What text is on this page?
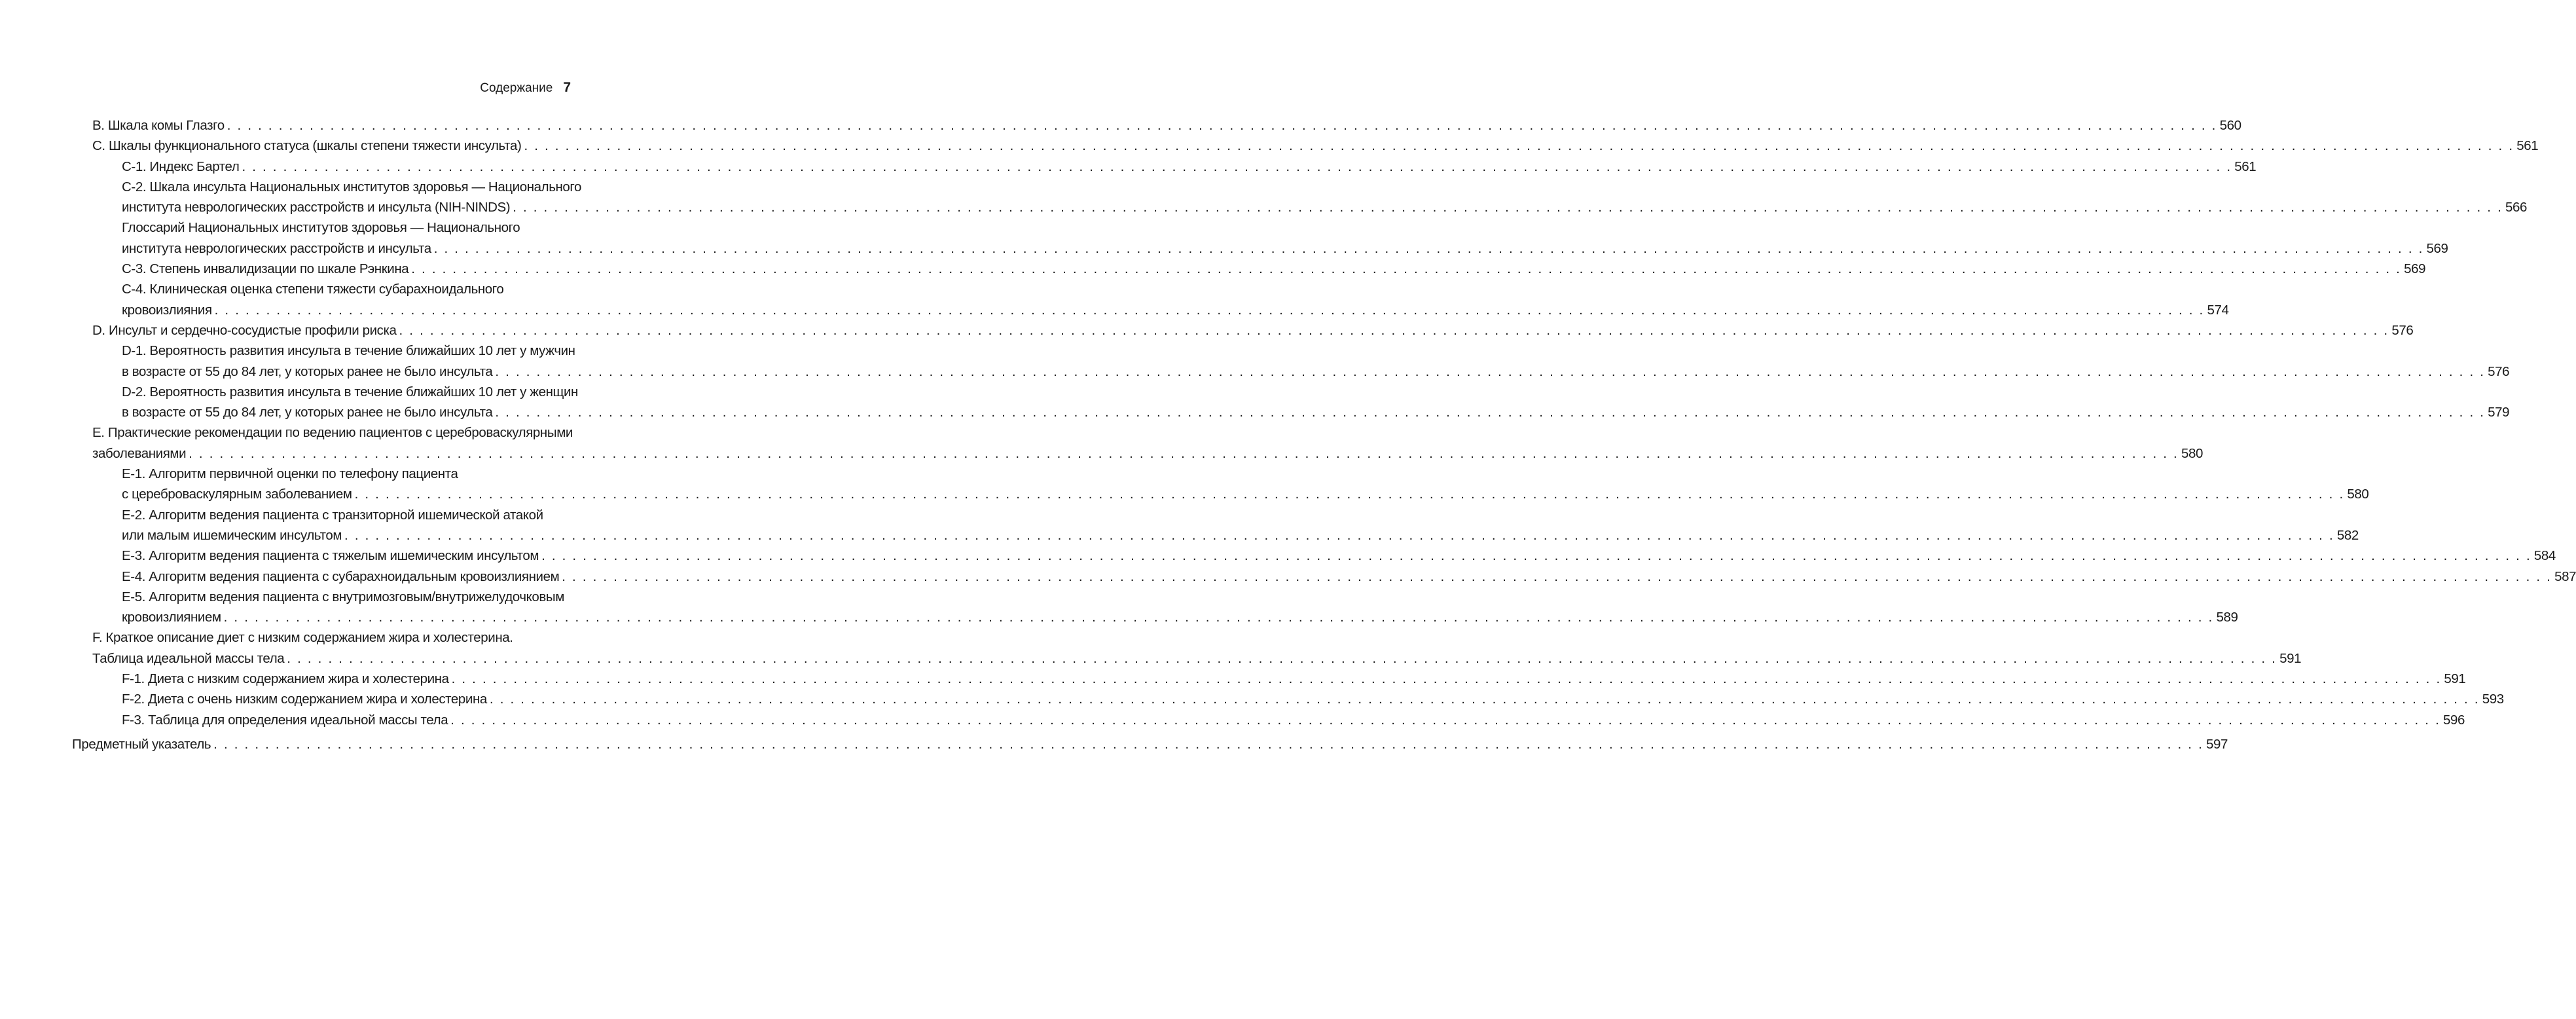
Содержание 7
B. Шкала комы Глазго . . .	560
C. Шкалы функционального статуса (шкалы степени тяжести инсульта) . . .	561
C-1. Индекс Бартел . . .	561
C-2. Шкала инсульта Национальных институтов здоровья — Национального
института неврологических расстройств и инсульта (NIH-NINDS) . . .	566
Глоссарий Национальных институтов здоровья — Национального
института неврологических расстройств и инсульта . . .	569
C-3. Степень инвалидизации по шкале Рэнкина . . .	569
C-4. Клиническая оценка степени тяжести субарахноидального
кровоизлияния . . .	574
D. Инсульт и сердечно-сосудистые профили риска . . .	576
D-1. Вероятность развития инсульта в течение ближайших 10 лет у мужчин
в возрасте от 55 до 84 лет, у которых ранее не было инсульта . . .	576
D-2. Вероятность развития инсульта в течение ближайших 10 лет у женщин
в возрасте от 55 до 84 лет, у которых ранее не было инсульта . . .	579
E. Практические рекомендации по ведению пациентов с цереброваскулярными
заболеваниями . . .	580
E-1. Алгоритм первичной оценки по телефону пациента
с цереброваскулярным заболеванием . . .	580
E-2. Алгоритм ведения пациента с транзиторной ишемической атакой
или малым ишемическим инсультом . . .	582
E-3. Алгоритм ведения пациента с тяжелым ишемическим инсультом . . .	584
E-4. Алгоритм ведения пациента с субарахноидальным кровоизлиянием . . .	587
E-5. Алгоритм ведения пациента с внутримозговым/внутрижелудочковым
кровоизлиянием . . .	589
F. Краткое описание диет с низким содержанием жира и холестерина.
Таблица идеальной массы тела . . .	591
F-1. Диета с низким содержанием жира и холестерина . . .	591
F-2. Диета с очень низким содержанием жира и холестерина . . .	593
F-3. Таблица для определения идеальной массы тела . . .	596
Предметный указатель . . .	597
